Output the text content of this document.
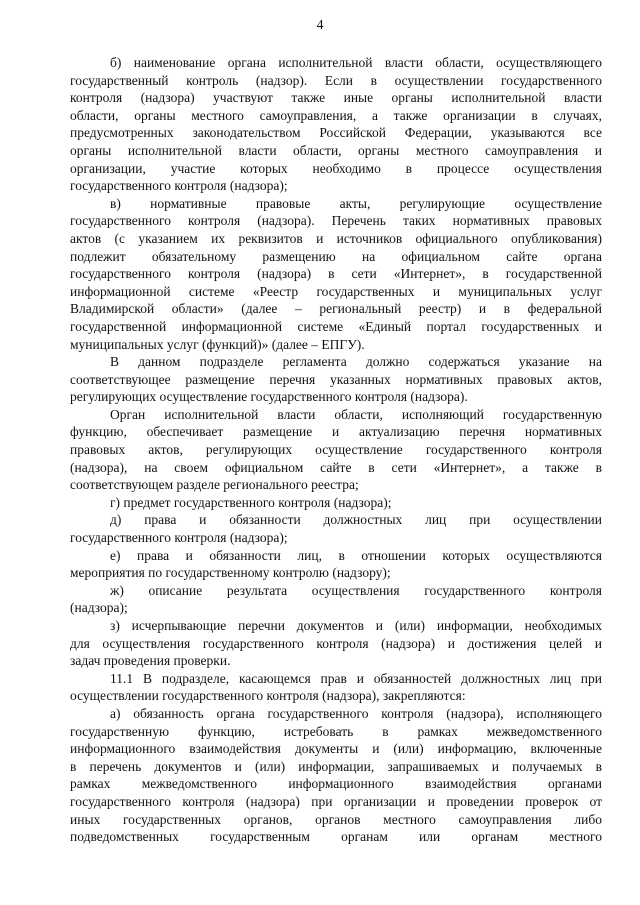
4
б) наименование органа исполнительной власти области, осуществляющего
государственный контроль (надзор). Если в осуществлении государственного
контроля (надзора) участвуют также иные органы исполнительной власти
области, органы местного самоуправления, а также организации в случаях,
предусмотренных законодательством Российской Федерации, указываются все
органы исполнительной власти области, органы местного самоуправления и
организации, участие которых необходимо в процессе осуществления
государственного контроля (надзора);
в) нормативные правовые акты, регулирующие осуществление
государственного контроля (надзора). Перечень таких нормативных правовых
актов (с указанием их реквизитов и источников официального опубликования)
подлежит обязательному размещению на официальном сайте органа
государственного контроля (надзора) в сети «Интернет», в государственной
информационной системе «Реестр государственных и муниципальных услуг
Владимирской области» (далее – региональный реестр) и в федеральной
государственной информационной системе «Единый портал государственных и
муниципальных услуг (функций)» (далее – ЕПГУ).
В данном подразделе регламента должно содержаться указание на
соответствующее размещение перечня указанных нормативных правовых актов,
регулирующих осуществление государственного контроля (надзора).
Орган исполнительной власти области, исполняющий государственную
функцию, обеспечивает размещение и актуализацию перечня нормативных
правовых актов, регулирующих осуществление государственного контроля
(надзора), на своем официальном сайте в сети «Интернет», а также в
соответствующем разделе регионального реестра;
г) предмет государственного контроля (надзора);
д) права и обязанности должностных лиц при осуществлении
государственного контроля (надзора);
е) права и обязанности лиц, в отношении которых осуществляются
мероприятия по государственному контролю (надзору);
ж) описание результата осуществления государственного контроля
(надзора);
з) исчерпывающие перечни документов и (или) информации, необходимых
для осуществления государственного контроля (надзора) и достижения целей и
задач проведения проверки.
11.1 В подразделе, касающемся прав и обязанностей должностных лиц при
осуществлении государственного контроля (надзора), закрепляются:
а) обязанность органа государственного контроля (надзора), исполняющего
государственную функцию, истребовать в рамках межведомственного
информационного взаимодействия документы и (или) информацию, включенные
в перечень документов и (или) информации, запрашиваемых и получаемых в
рамках межведомственного информационного взаимодействия органами
государственного контроля (надзора) при организации и проведении проверок от
иных государственных органов, органов местного самоуправления либо
подведомственных государственным органам или органам местного
